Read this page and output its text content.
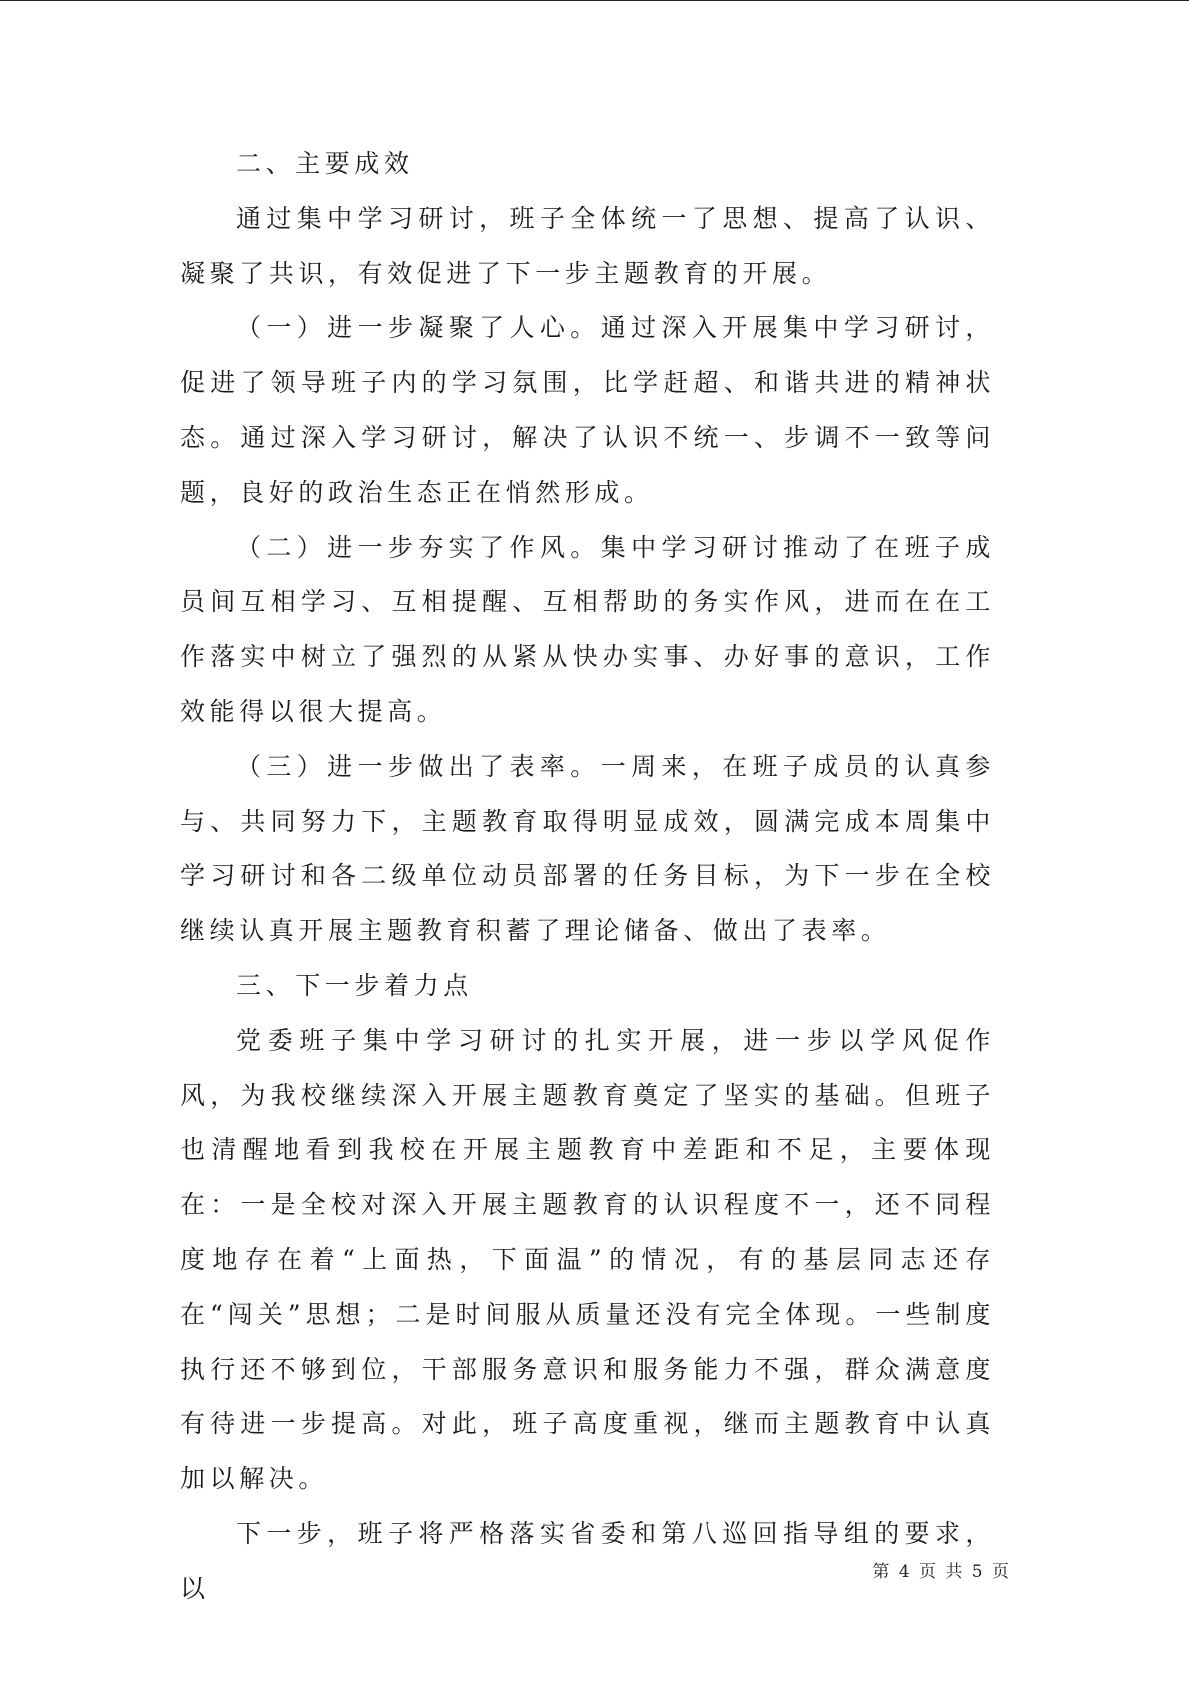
二、主要成效

通过集中学习研讨，班子全体统一了思想、提高了认识、凝聚了共识，有效促进了下一步主题教育的开展。

（一）进一步凝聚了人心。通过深入开展集中学习研讨，促进了领导班子内的学习氛围，比学赶超、和谐共进的精神状态。通过深入学习研讨，解决了认识不统一、步调不一致等问题，良好的政治生态正在悄然形成。

（二）进一步夯实了作风。集中学习研讨推动了在班子成员间互相学习、互相提醒、互相帮助的务实作风，进而在在工作落实中树立了强烈的从紧从快办实事、办好事的意识，工作效能得以很大提高。

（三）进一步做出了表率。一周来，在班子成员的认真参与、共同努力下，主题教育取得明显成效，圆满完成本周集中学习研讨和各二级单位动员部署的任务目标，为下一步在全校继续认真开展主题教育积蓄了理论储备、做出了表率。

三、下一步着力点

党委班子集中学习研讨的扎实开展，进一步以学风促作风，为我校继续深入开展主题教育奠定了坚实的基础。但班子也清醒地看到我校在开展主题教育中差距和不足，主要体现在：一是全校对深入开展主题教育的认识程度不一，还不同程度地存在着“上面热，下面温”的情况，有的基层同志还存在“闯关”思想；二是时间服从质量还没有完全体现。一些制度执行还不够到位，干部服务意识和服务能力不强，群众满意度有待进一步提高。对此，班子高度重视，继而主题教育中认真加以解决。

下一步，班子将严格落实省委和第八巡回指导组的要求，以

第 4 页 共 5 页
